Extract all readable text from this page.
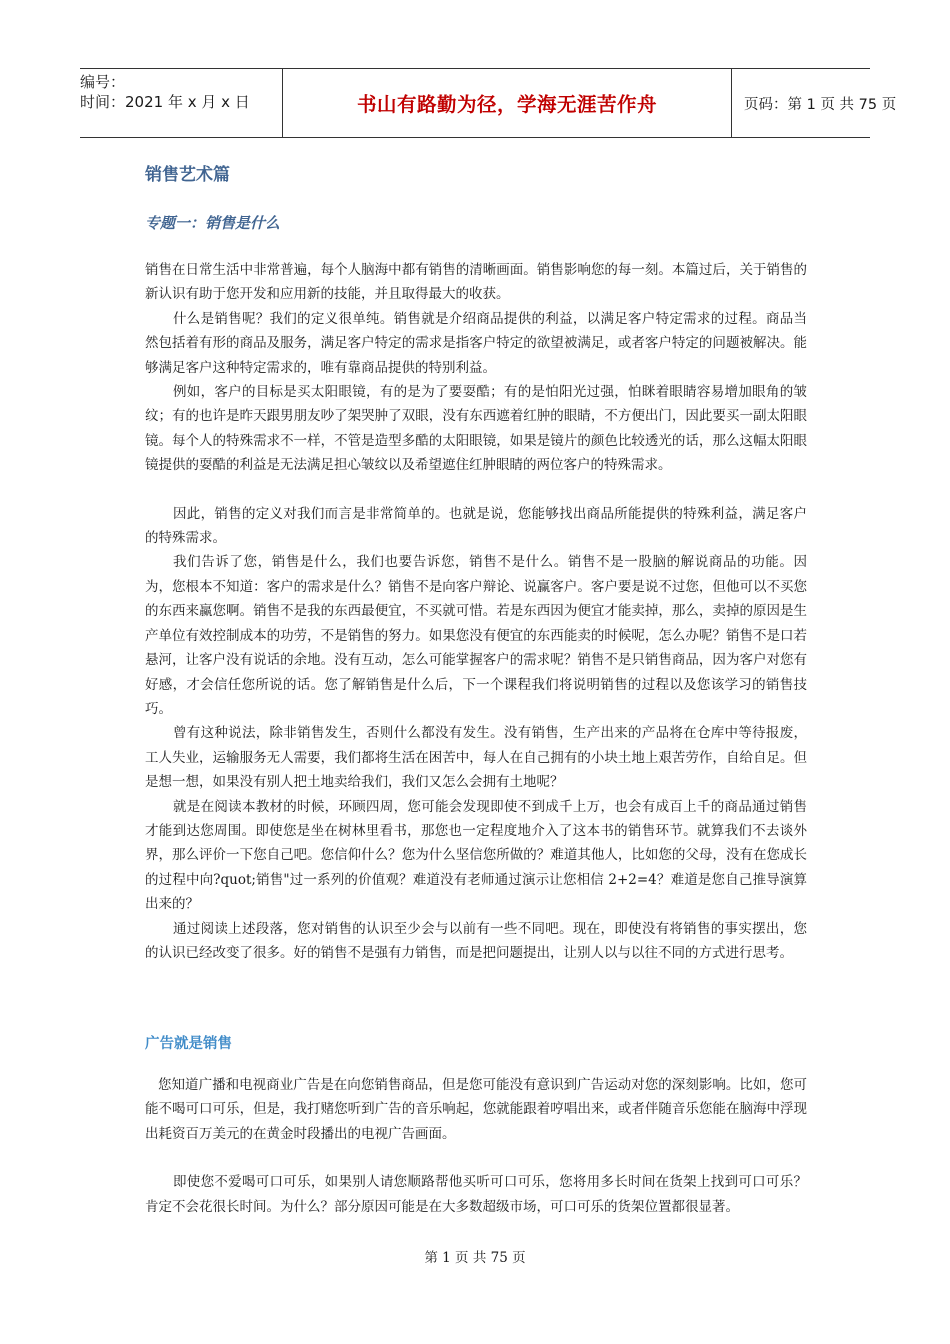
编号：
时间：2021 年 x 月 x 日	书山有路勤为径，学海无涯苦作舟	页码：第 1 页 共 75 页
销售艺术篇
专题一：销售是什么

销售在日常生活中非常普遍，每个人脑海中都有销售的清晰画面。销售影响您的每一刻。本篇过后，关于销售的新认识有助于您开发和应用新的技能，并且取得最大的收获。

什么是销售呢？我们的定义很单纯。销售就是介绍商品提供的利益，以满足客户特定需求的过程。商品当然包括着有形的商品及服务，满足客户特定的需求是指客户特定的欲望被满足，或者客户特定的问题被解决。能够满足客户这种特定需求的，唯有靠商品提供的特别利益。

例如，客户的目标是买太阳眼镜，有的是为了要耍酷；有的是怕阳光过强，怕眯着眼睛容易增加眼角的皱纹；有的也许是昨天跟男朋友吵了架哭肿了双眼，没有东西遮着红肿的眼睛，不方便出门，因此要买一副太阳眼镜。每个人的特殊需求不一样，不管是造型多酷的太阳眼镜，如果是镜片的颜色比较透光的话，那么这幅太阳眼镜提供的耍酷的利益是无法满足担心皱纹以及希望遮住红肿眼睛的两位客户的特殊需求。

因此，销售的定义对我们而言是非常简单的。也就是说，您能够找出商品所能提供的特殊利益，满足客户的特殊需求。

我们告诉了您，销售是什么，我们也要告诉您，销售不是什么。销售不是一股脑的解说商品的功能。因为，您根本不知道：客户的需求是什么？销售不是向客户辩论、说赢客户。客户要是说不过您，但他可以不买您的东西来赢您啊。销售不是我的东西最便宜，不买就可惜。若是东西因为便宜才能卖掉，那么，卖掉的原因是生产单位有效控制成本的功劳，不是销售的努力。如果您没有便宜的东西能卖的时候呢，怎么办呢？销售不是口若悬河，让客户没有说话的余地。没有互动，怎么可能掌握客户的需求呢？销售不是只销售商品，因为客户对您有好感，才会信任您所说的话。您了解销售是什么后，下一个课程我们将说明销售的过程以及您该学习的销售技巧。

曾有这种说法，除非销售发生，否则什么都没有发生。没有销售，生产出来的产品将在仓库中等待报废，工人失业，运输服务无人需要，我们都将生活在困苦中，每人在自己拥有的小块土地上艰苦劳作，自给自足。但是想一想，如果没有别人把土地卖给我们，我们又怎么会拥有土地呢？

就是在阅读本教材的时候，环顾四周，您可能会发现即使不到成千上万，也会有成百上千的商品通过销售才能到达您周围。即使您是坐在树林里看书，那您也一定程度地介入了这本书的销售环节。就算我们不去谈外界，那么评价一下您自己吧。您信仰什么？您为什么坚信您所做的？难道其他人，比如您的父母，没有在您成长的过程中向?quot;销售"过一系列的价值观？难道没有老师通过演示让您相信 2+2=4？难道是您自己推导演算出来的？

通过阅读上述段落，您对销售的认识至少会与以前有一些不同吧。现在，即使没有将销售的事实摆出，您的认识已经改变了很多。好的销售不是强有力销售，而是把问题提出，让别人以与以往不同的方式进行思考。

广告就是销售

您知道广播和电视商业广告是在向您销售商品，但是您可能没有意识到广告运动对您的深刻影响。比如，您可能不喝可口可乐，但是，我打赌您听到广告的音乐响起，您就能跟着哼唱出来，或者伴随音乐您能在脑海中浮现出耗资百万美元的在黄金时段播出的电视广告画面。

即使您不爱喝可口可乐，如果别人请您顺路帮他买听可口可乐，您将用多长时间在货架上找到可口可乐？肯定不会花很长时间。为什么？部分原因可能是在大多数超级市场，可口可乐的货架位置都很显著。

第 1 页 共 75 页
